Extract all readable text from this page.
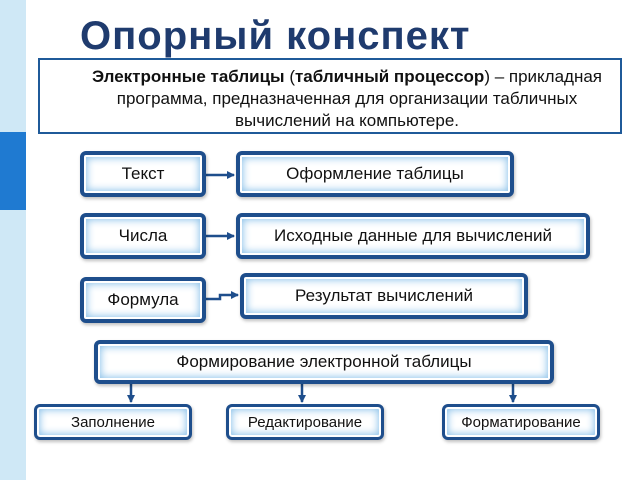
Опорный конспект
Электронные таблицы (табличный процессор) – прикладная программа, предназначенная для организации табличных вычислений на компьютере.
Текст	Оформление таблицы
Числа	Исходные данные для вычислений
Формула	Результат вычислений
Формирование электронной таблицы
Заполнение	Редактирование	Форматирование
